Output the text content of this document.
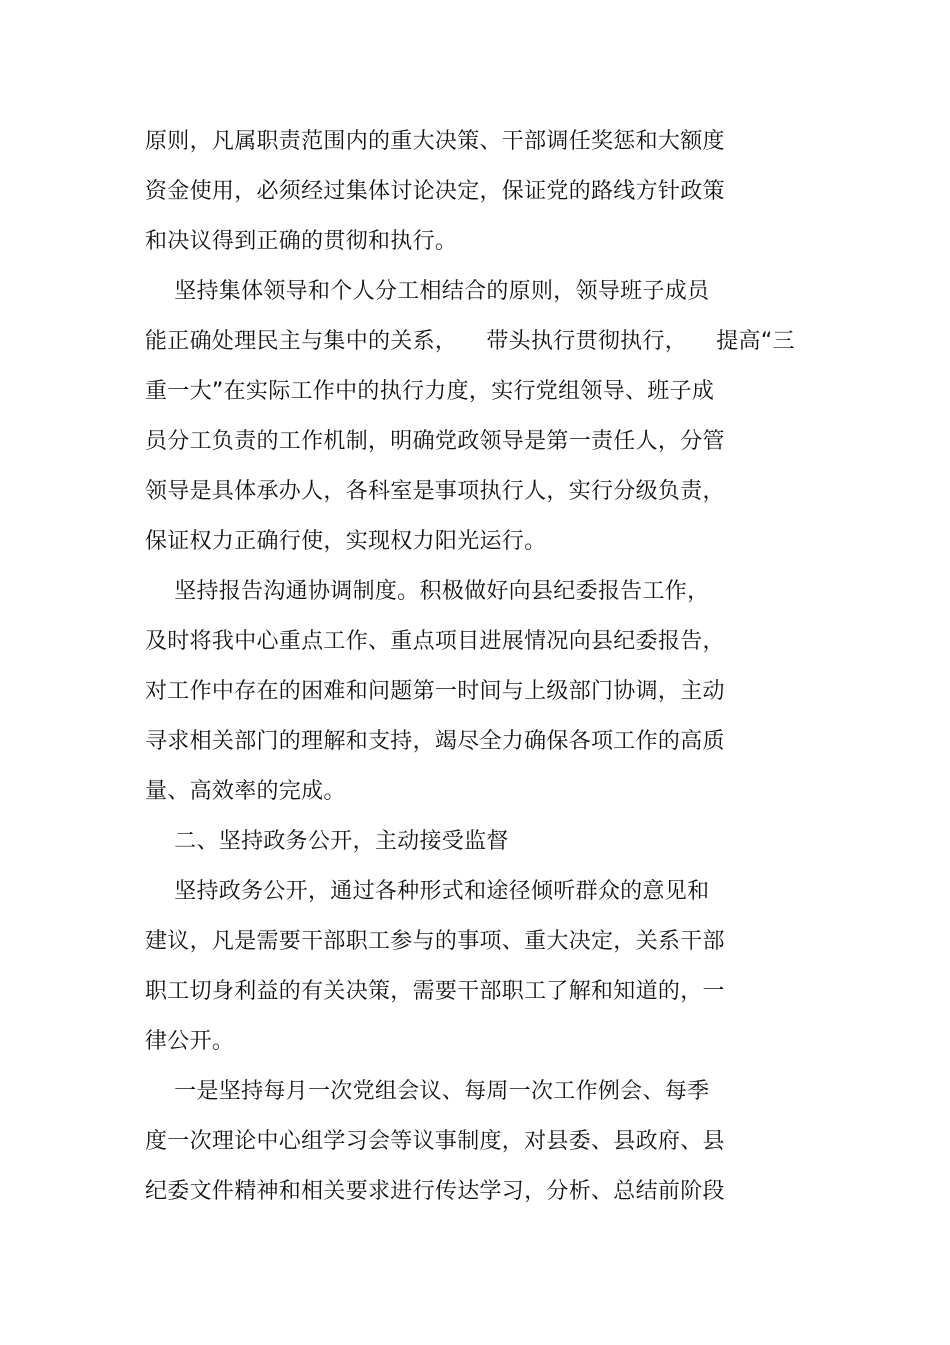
原则，凡属职责范围内的重大决策、干部调任奖惩和大额度
资金使用，必须经过集体讨论决定，保证党的路线方针政策
和决议得到正确的贯彻和执行。
坚持集体领导和个人分工相结合的原则，领导班子成员
能正确处理民主与集中的关系，    带头执行贯彻执行，    提高“三
重一大”在实际工作中的执行力度，实行党组领导、班子成
员分工负责的工作机制，明确党政领导是第一责任人，分管
领导是具体承办人，各科室是事项执行人，实行分级负责，
保证权力正确行使，实现权力阳光运行。
坚持报告沟通协调制度。积极做好向县纪委报告工作，
及时将我中心重点工作、重点项目进展情况向县纪委报告，
对工作中存在的困难和问题第一时间与上级部门协调，主动
寻求相关部门的理解和支持，竭尽全力确保各项工作的高质
量、高效率的完成。
二、坚持政务公开，主动接受监督
坚持政务公开，通过各种形式和途径倾听群众的意见和
建议，凡是需要干部职工参与的事项、重大决定，关系干部
职工切身利益的有关决策，需要干部职工了解和知道的，一
律公开。
一是坚持每月一次党组会议、每周一次工作例会、每季
度一次理论中心组学习会等议事制度，对县委、县政府、县
纪委文件精神和相关要求进行传达学习，分析、总结前阶段
